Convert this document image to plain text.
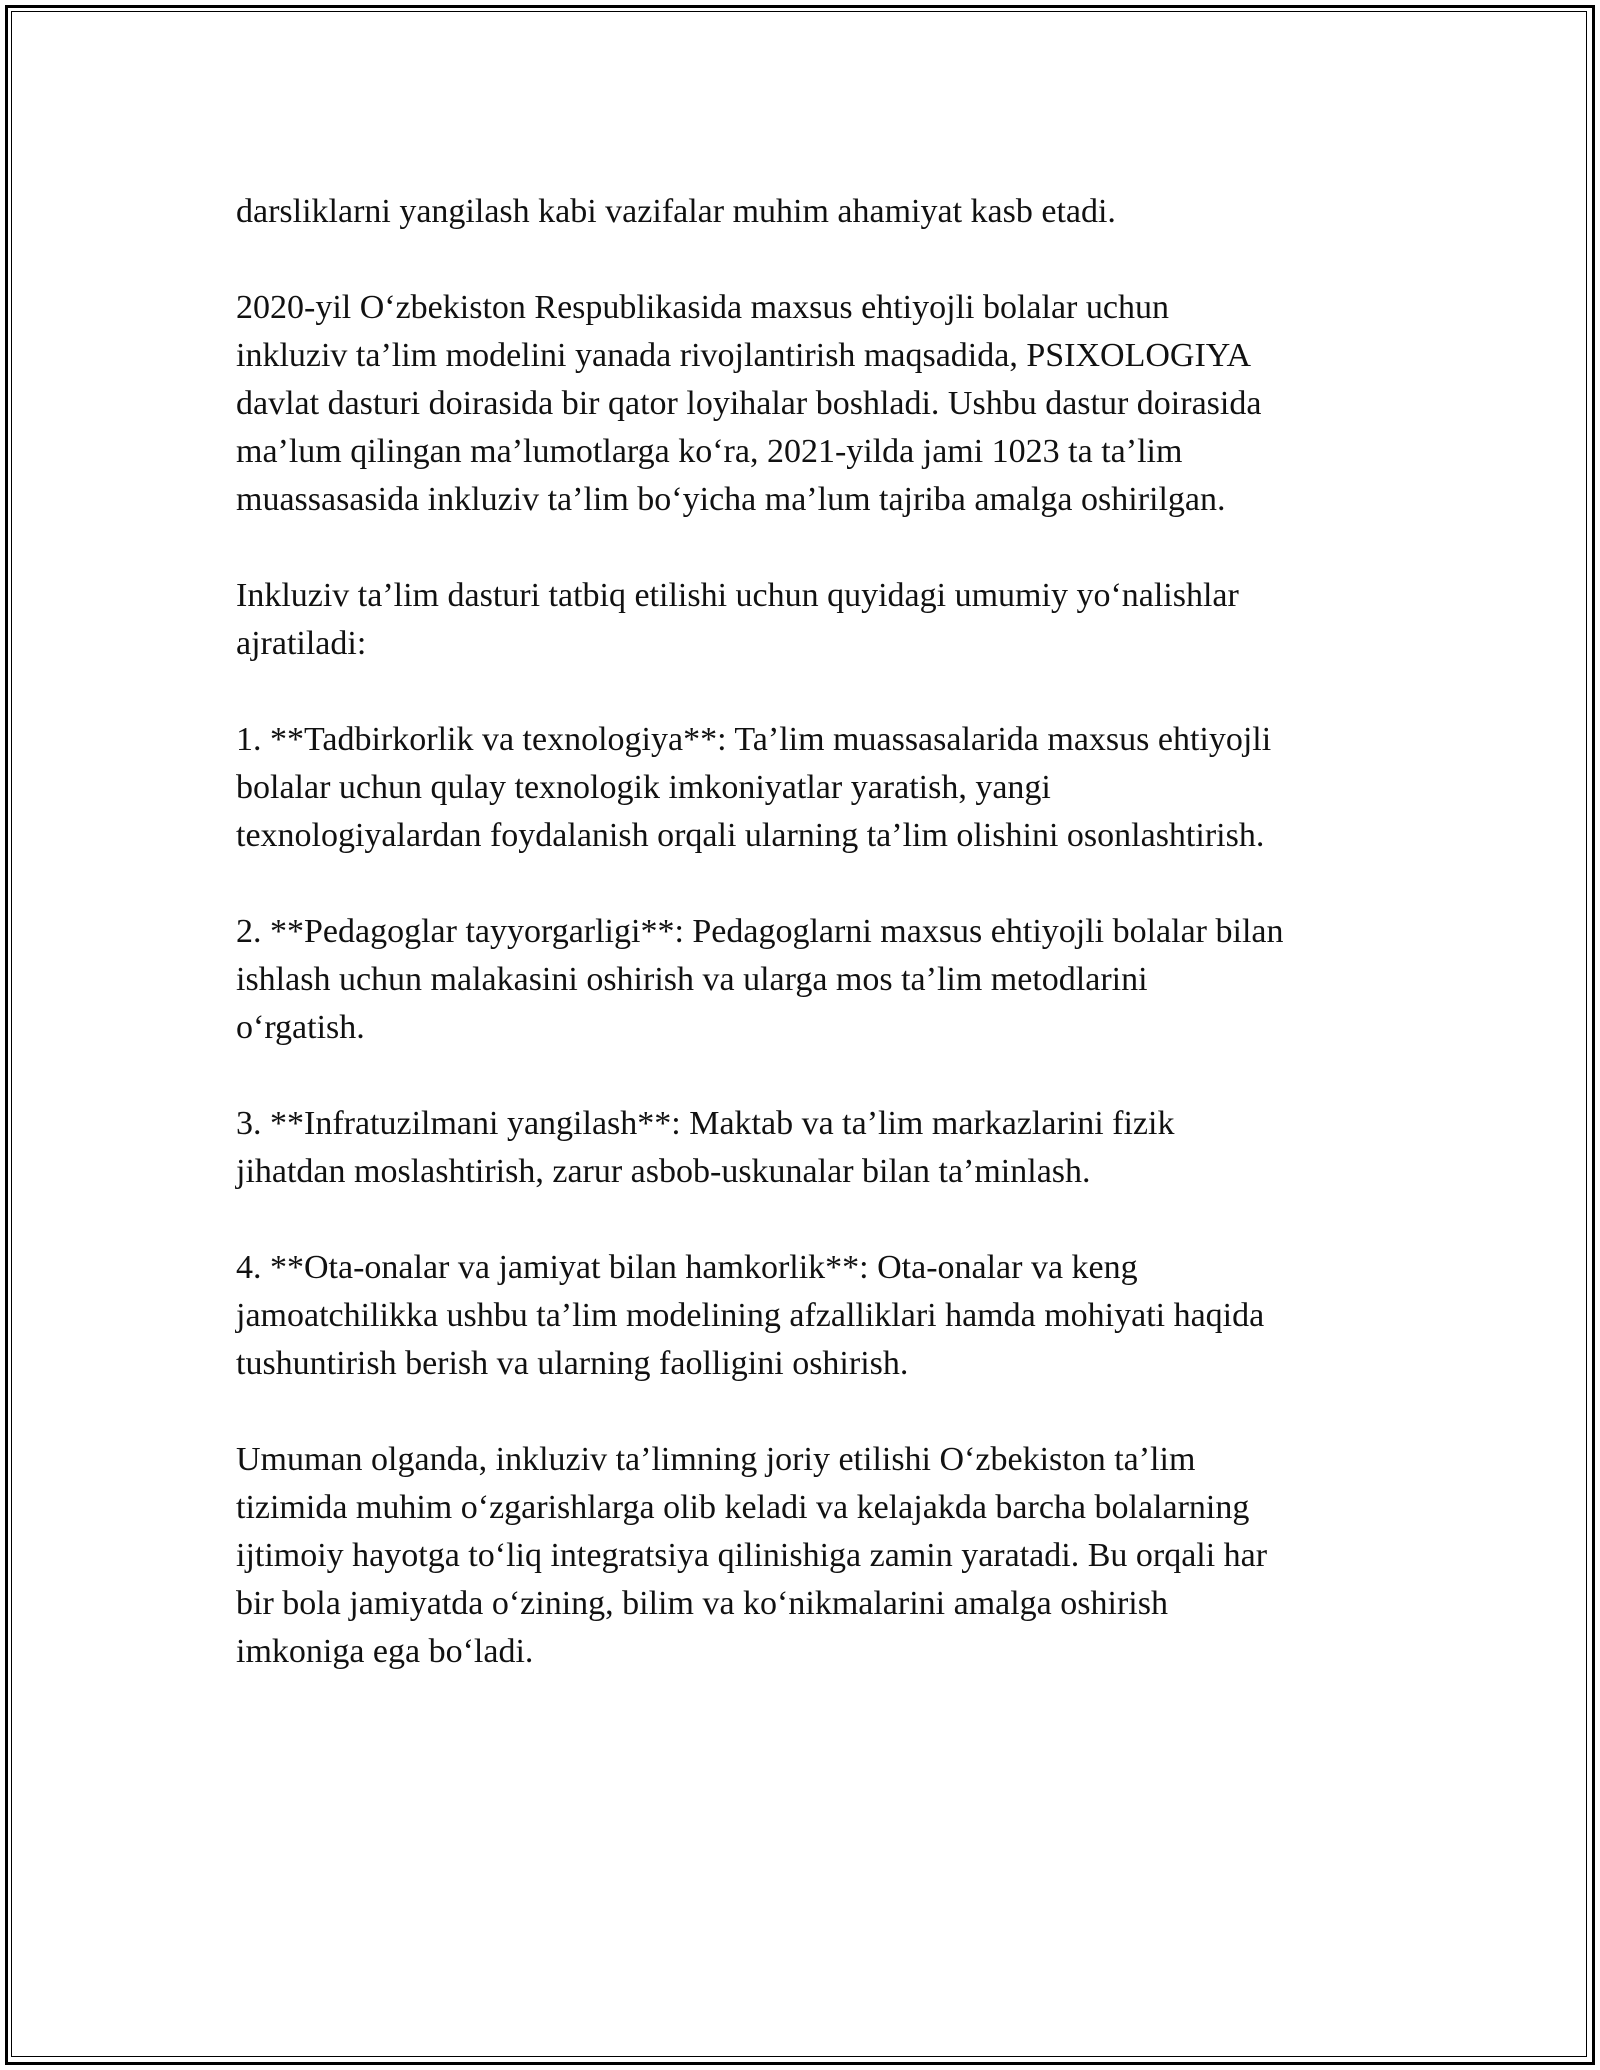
darsliklarni yangilash kabi vazifalar muhim ahamiyat kasb etadi.

2020-yil O‘zbekiston Respublikasida maxsus ehtiyojli bolalar uchun
inkluziv ta’lim modelini yanada rivojlantirish maqsadida, PSIXOLOGIYA
davlat dasturi doirasida bir qator loyihalar boshladi. Ushbu dastur doirasida
ma’lum qilingan ma’lumotlarga ko‘ra, 2021-yilda jami 1023 ta ta’lim
muassasasida inkluziv ta’lim bo‘yicha ma’lum tajriba amalga oshirilgan.

Inkluziv ta’lim dasturi tatbiq etilishi uchun quyidagi umumiy yo‘nalishlar
ajratiladi:

1. **Tadbirkorlik va texnologiya**: Ta’lim muassasalarida maxsus ehtiyojli
bolalar uchun qulay texnologik imkoniyatlar yaratish, yangi
texnologiyalardan foydalanish orqali ularning ta’lim olishini osonlashtirish.

2. **Pedagoglar tayyorgarligi**: Pedagoglarni maxsus ehtiyojli bolalar bilan
ishlash uchun malakasini oshirish va ularga mos ta’lim metodlarini
o‘rgatish.

3. **Infratuzilmani yangilash**: Maktab va ta’lim markazlarini fizik
jihatdan moslashtirish, zarur asbob-uskunalar bilan ta’minlash.

4. **Ota-onalar va jamiyat bilan hamkorlik**: Ota-onalar va keng
jamoatchilikka ushbu ta’lim modelining afzalliklari hamda mohiyati haqida
tushuntirish berish va ularning faolligini oshirish.

Umuman olganda, inkluziv ta’limning joriy etilishi O‘zbekiston ta’lim
tizimida muhim o‘zgarishlarga olib keladi va kelajakda barcha bolalarning
ijtimoiy hayotga to‘liq integratsiya qilinishiga zamin yaratadi. Bu orqali har
bir bola jamiyatda o‘zining, bilim va ko‘nikmalarini amalga oshirish
imkoniga ega bo‘ladi.
